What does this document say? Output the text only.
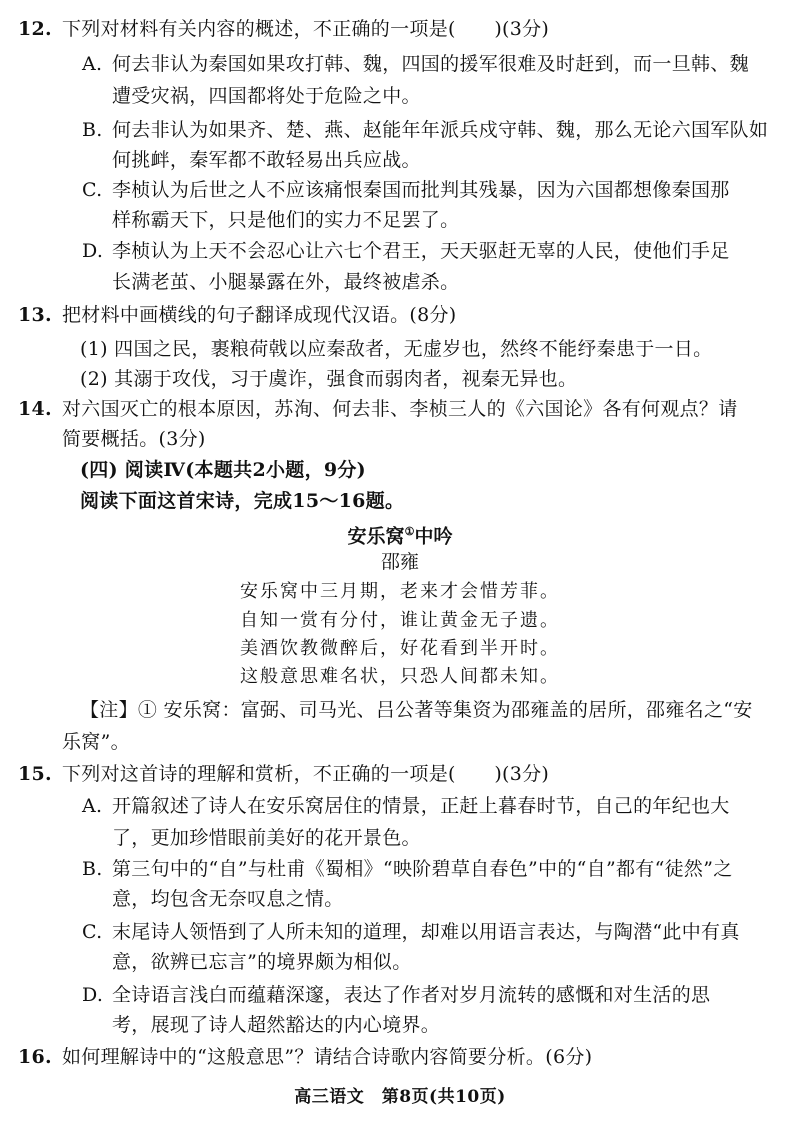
12. 下列对材料有关内容的概述，不正确的一项是(　　)(3分)
A. 何去非认为秦国如果攻打韩、魏，四国的援军很难及时赶到，而一旦韩、魏
遭受灾祸，四国都将处于危险之中。
B. 何去非认为如果齐、楚、燕、赵能年年派兵戍守韩、魏，那么无论六国军队如
何挑衅，秦军都不敢轻易出兵应战。
C. 李桢认为后世之人不应该痛恨秦国而批判其残暴，因为六国都想像秦国那
样称霸天下，只是他们的实力不足罢了。
D. 李桢认为上天不会忍心让六七个君王，天天驱赶无辜的人民，使他们手足
长满老茧、小腿暴露在外，最终被虐杀。
13. 把材料中画横线的句子翻译成现代汉语。(8分)
(1) 四国之民，裹粮荷戟以应秦敌者，无虚岁也，然终不能纾秦患于一日。
(2) 其溺于攻伐，习于虞诈，强食而弱肉者，视秦无异也。
14. 对六国灭亡的根本原因，苏洵、何去非、李桢三人的《六国论》各有何观点？请
简要概括。(3分)
(四) 阅读Ⅳ(本题共2小题，9分)
阅读下面这首宋诗，完成15～16题。
安乐窝①中吟
邵雍
安乐窝中三月期，老来才会惜芳菲。
自知一赏有分付，谁让黄金无子遗。
美酒饮教微醉后，好花看到半开时。
这般意思难名状，只恐人间都未知。
【注】① 安乐窝：富弼、司马光、吕公著等集资为邵雍盖的居所，邵雍名之“安
乐窝”。
15. 下列对这首诗的理解和赏析，不正确的一项是(　　)(3分)
A. 开篇叙述了诗人在安乐窝居住的情景，正赶上暮春时节，自己的年纪也大
了，更加珍惜眼前美好的花开景色。
B. 第三句中的“自”与杜甫《蜀相》“映阶碧草自春色”中的“自”都有“徒然”之
意，均包含无奈叹息之情。
C. 末尾诗人领悟到了人所未知的道理，却难以用语言表达，与陶潜“此中有真
意，欲辨已忘言”的境界颇为相似。
D. 全诗语言浅白而蕴藉深邃，表达了作者对岁月流转的感慨和对生活的思
考，展现了诗人超然豁达的内心境界。
16. 如何理解诗中的“这般意思”？请结合诗歌内容简要分析。(6分)
高三语文　第8页(共10页)
